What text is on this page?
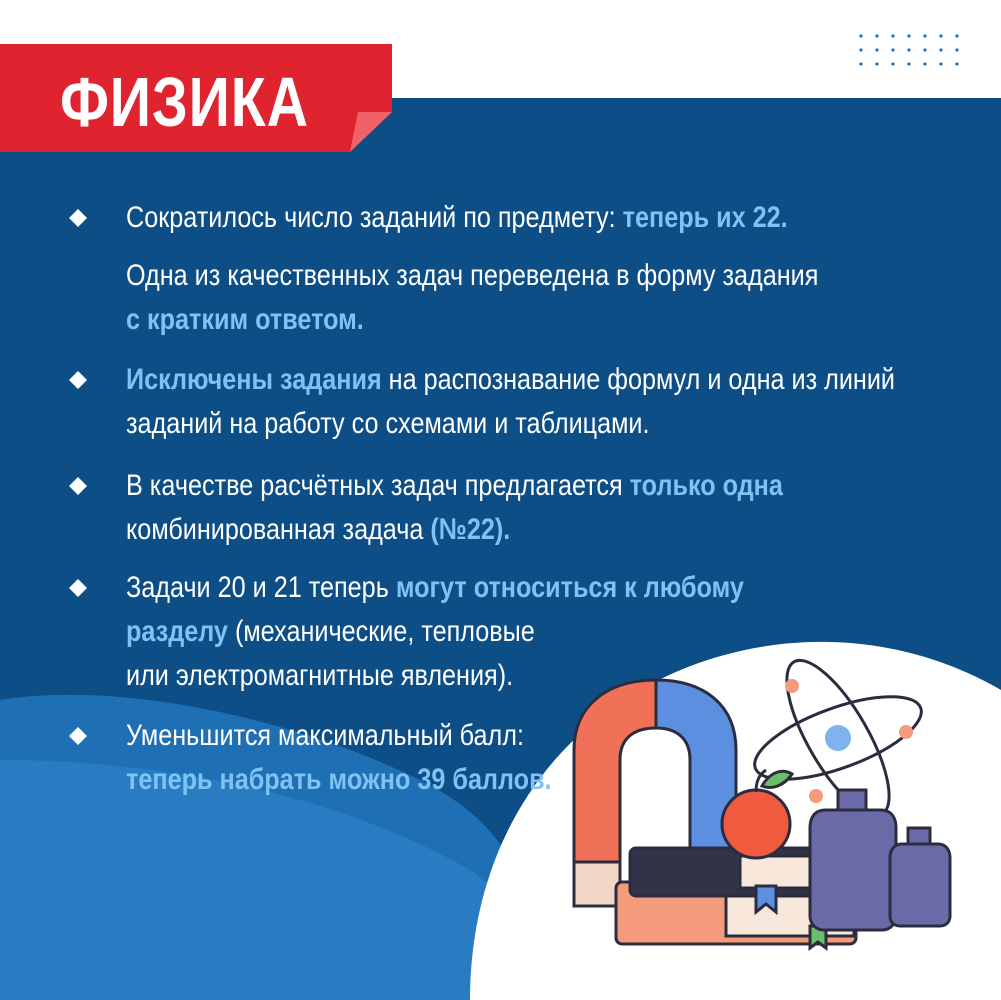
ФИЗИКА
Сократилось число заданий по предмету: теперь их 22.
Одна из качественных задач переведена в форму задания
с кратким ответом.
Исключены задания на распознавание формул и одна из линий
заданий на работу со схемами и таблицами.
В качестве расчётных задач предлагается только одна
комбинированная задача (№22).
Задачи 20 и 21 теперь могут относиться к любому
разделу (механические, тепловые
или электромагнитные явления).
Уменьшится максимальный балл:
теперь набрать можно 39 баллов.
